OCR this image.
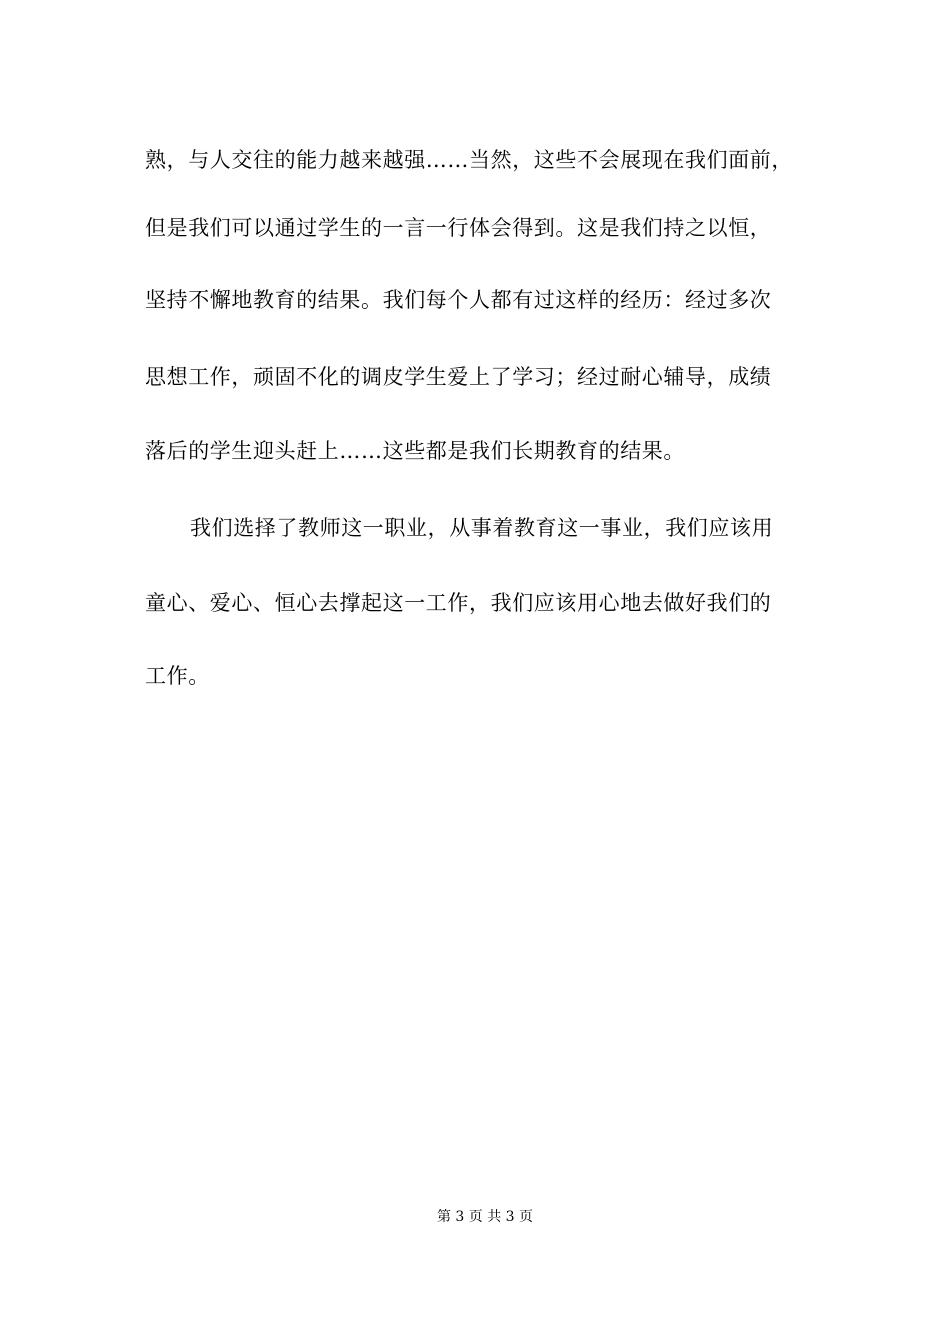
熟，与人交往的能力越来越强……当然，这些不会展现在我们面前，
但是我们可以通过学生的一言一行体会得到。这是我们持之以恒，
坚持不懈地教育的结果。我们每个人都有过这样的经历：经过多次
思想工作，顽固不化的调皮学生爱上了学习；经过耐心辅导，成绩
落后的学生迎头赶上……这些都是我们长期教育的结果。
我们选择了教师这一职业，从事着教育这一事业，我们应该用
童心、爱心、恒心去撑起这一工作，我们应该用心地去做好我们的
工作。
第 3 页 共 3 页
